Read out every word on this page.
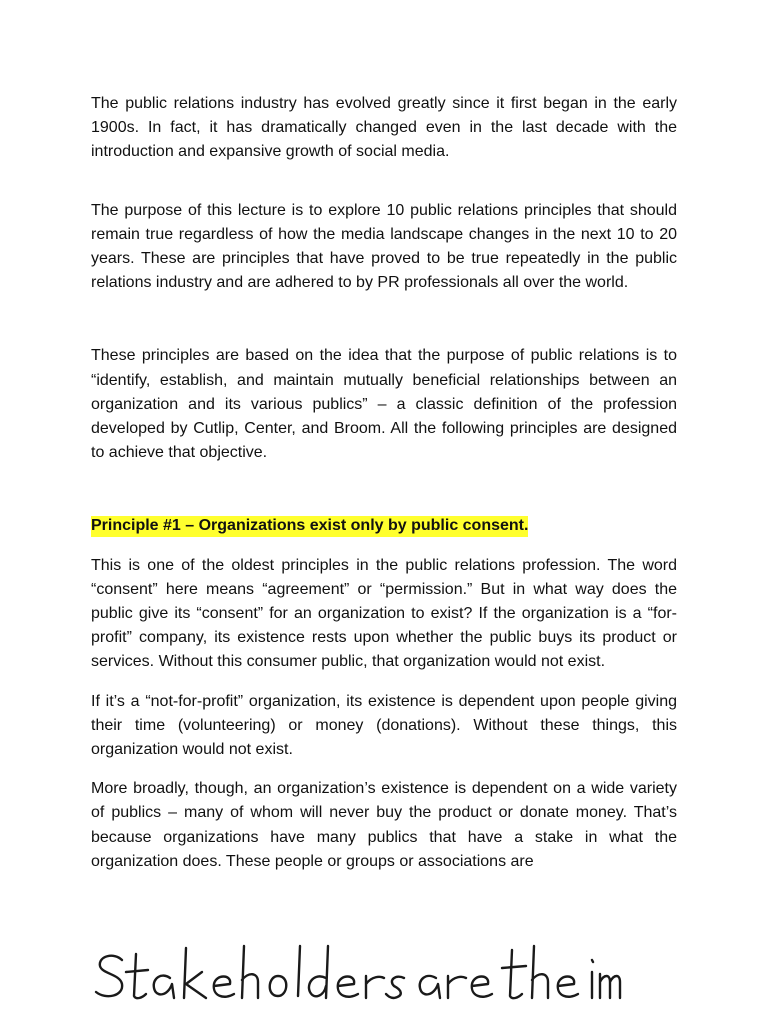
The public relations industry has evolved greatly since it first began in the early 1900s. In fact, it has dramatically changed even in the last decade with the introduction and expansive growth of social media.

The purpose of this lecture is to explore 10 public relations principles that should remain true regardless of how the media landscape changes in the next 10 to 20 years. These are principles that have proved to be true repeatedly in the public relations industry and are adhered to by PR professionals all over the world.

These principles are based on the idea that the purpose of public relations is to “identify, establish, and maintain mutually beneficial relationships between an organization and its various publics” – a classic definition of the profession developed by Cutlip, Center, and Broom. All the following principles are designed to achieve that objective.

Principle #1 – Organizations exist only by public consent.

This is one of the oldest principles in the public relations profession. The word “consent” here means “agreement” or “permission.” But in what way does the public give its “consent” for an organization to exist? If the organization is a “for-profit” company, its existence rests upon whether the public buys its product or services. Without this consumer public, that organization would not exist.

If it’s a “not-for-profit” organization, its existence is dependent upon people giving their time (volunteering) or money (donations). Without these things, this organization would not exist.

More broadly, though, an organization’s existence is dependent on a wide variety of publics – many of whom will never buy the product or donate money. That’s because organizations have many publics that have a stake in what the organization does. These people or groups or associations are
